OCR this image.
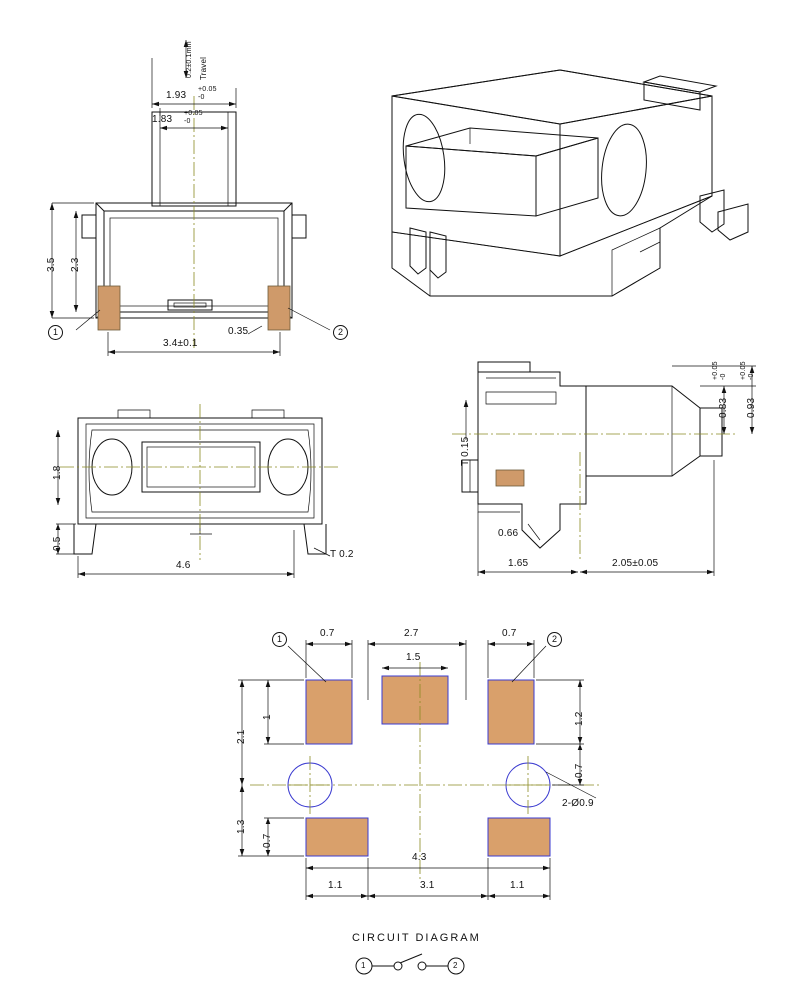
0.2±0.1mm Travel
1.93
+0.05
-0
1.83
+0.05
-0
3.5 2.3
0.35
3.4±0.1
1	2
1.8
0.5
4.6
T 0.2
0.83
+0.05 -0
0.93
+0.05 -0
T 0.15
0.66
1.65	2.05±0.05
0.7	2.7	0.7
1.5
2.1
1
1.3
0.7
1.2
0.7
2-Ø0.9
4.3
1.1	3.1	1.1
1	2
CIRCUIT DIAGRAM
1	2
